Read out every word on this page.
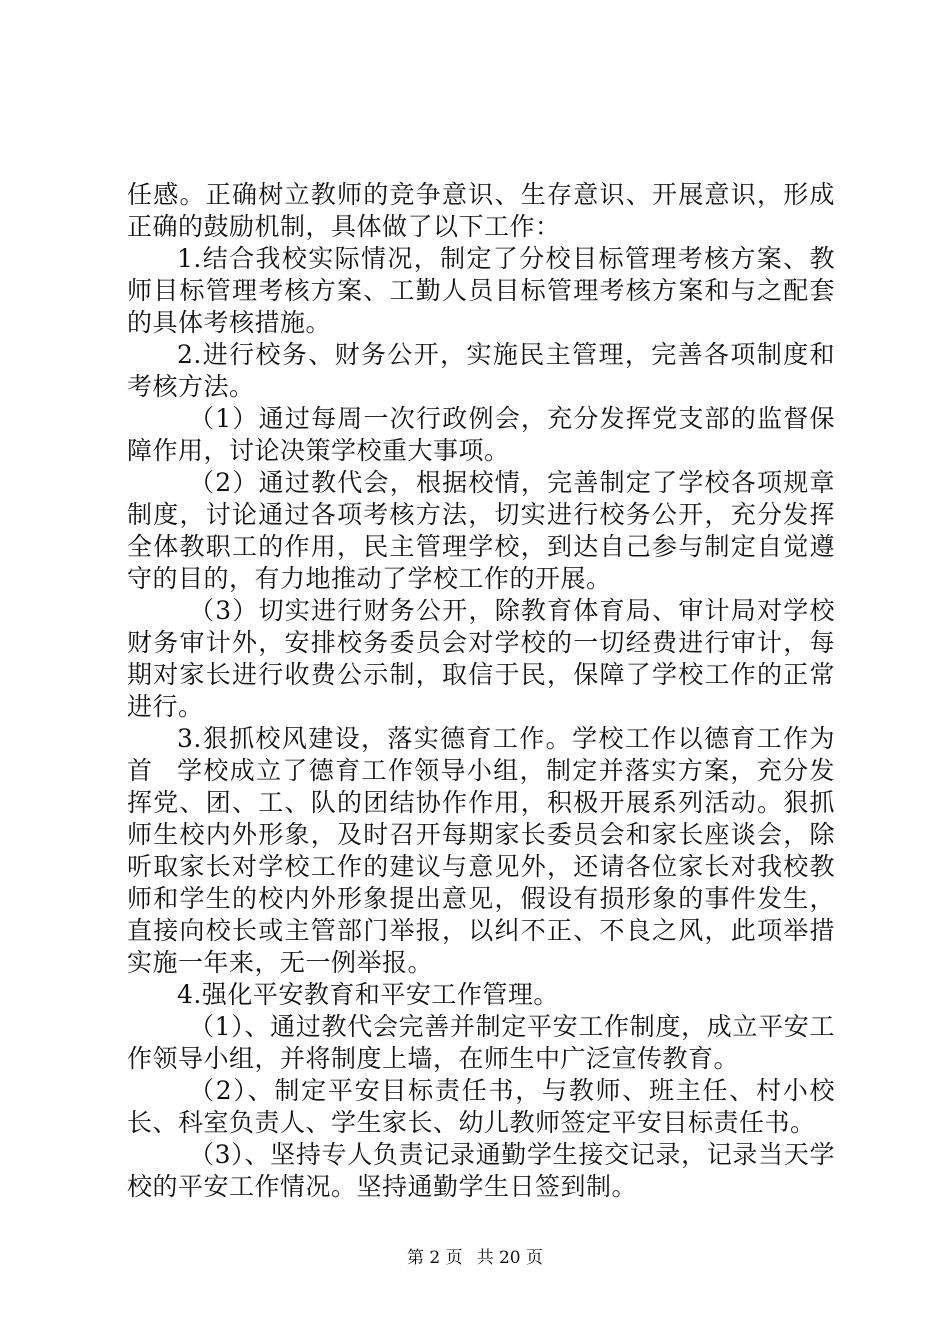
任感。正确树立教师的竞争意识、生存意识、开展意识，形成正确的鼓励机制，具体做了以下工作：

1.结合我校实际情况，制定了分校目标管理考核方案、教师目标管理考核方案、工勤人员目标管理考核方案和与之配套的具体考核措施。

2.进行校务、财务公开，实施民主管理，完善各项制度和考核方法。

（1）通过每周一次行政例会，充分发挥党支部的监督保障作用，讨论决策学校重大事项。

（2）通过教代会，根据校情，完善制定了学校各项规章制度，讨论通过各项考核方法，切实进行校务公开，充分发挥全体教职工的作用，民主管理学校，到达自己参与制定自觉遵守的目的，有力地推动了学校工作的开展。

（3）切实进行财务公开，除教育体育局、审计局对学校财务审计外，安排校务委员会对学校的一切经费进行审计，每期对家长进行收费公示制，取信于民，保障了学校工作的正常进行。

3.狠抓校风建设，落实德育工作。学校工作以德育工作为首 学校成立了德育工作领导小组，制定并落实方案，充分发挥党、团、工、队的团结协作作用，积极开展系列活动。狠抓师生校内外形象，及时召开每期家长委员会和家长座谈会，除听取家长对学校工作的建议与意见外，还请各位家长对我校教师和学生的校内外形象提出意见，假设有损形象的事件发生，直接向校长或主管部门举报，以纠不正、不良之风，此项举措实施一年来，无一例举报。

4.强化平安教育和平安工作管理。

（1）、通过教代会完善并制定平安工作制度，成立平安工作领导小组，并将制度上墙，在师生中广泛宣传教育。

（2）、制定平安目标责任书，与教师、班主任、村小校长、科室负责人、学生家长、幼儿教师签定平安目标责任书。

（3）、坚持专人负责记录通勤学生接交记录，记录当天学校的平安工作情况。坚持通勤学生日签到制。

第 2 页 共 20 页
